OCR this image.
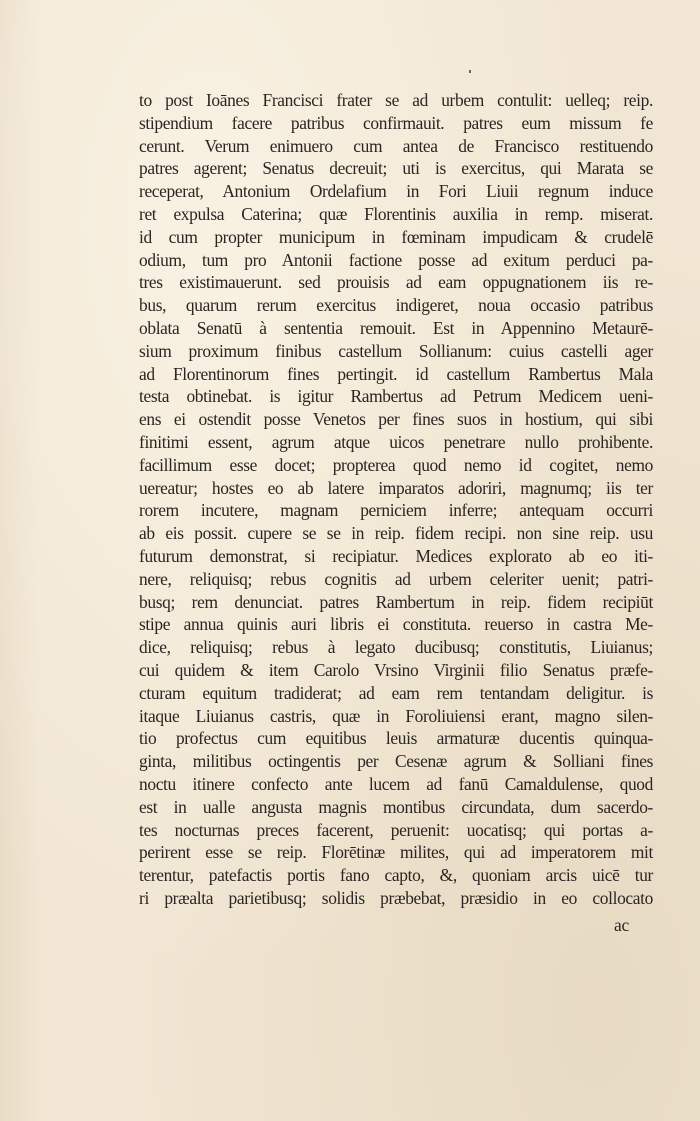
to post Ioānes Francisci frater se ad urbem contulit: uelleq; reip.
stipendium facere patribus confirmauit. patres eum missum fe
cerunt. Verum enimuero cum antea de Francisco restituendo
patres agerent; Senatus decreuit; uti is exercitus, qui Marata se
receperat, Antonium Ordelafium in Fori Liuii regnum induce
ret expulsa Caterina; quæ Florentinis auxilia in remp. miserat.
id cum propter municipum in fœminam impudicam & crudelē
odium, tum pro Antonii factione posse ad exitum perduci pa-
tres existimauerunt. sed prouisis ad eam oppugnationem iis re-
bus, quarum rerum exercitus indigeret, noua occasio patribus
oblata Senatū à sententia remouit. Est in Appennino Metaurē-
sium proximum finibus castellum Sollianum: cuius castelli ager
ad Florentinorum fines pertingit. id castellum Rambertus Mala
testa obtinebat. is igitur Rambertus ad Petrum Medicem ueni-
ens ei ostendit posse Venetos per fines suos in hostium, qui sibi
finitimi essent, agrum atque uicos penetrare nullo prohibente.
facillimum esse docet; propterea quod nemo id cogitet, nemo
uereatur; hostes eo ab latere imparatos adoriri, magnumq; iis ter
rorem incutere, magnam perniciem inferre; antequam occurri
ab eis possit. cupere se se in reip. fidem recipi. non sine reip. usu
futurum demonstrat, si recipiatur. Medices explorato ab eo iti-
nere, reliquisq; rebus cognitis ad urbem celeriter uenit; patri-
busq; rem denunciat. patres Rambertum in reip. fidem recipiūt
stipe annua quinis auri libris ei constituta. reuerso in castra Me-
dice, reliquisq; rebus à legato ducibusq; constitutis, Liuianus;
cui quidem & item Carolo Vrsino Virginii filio Senatus præfe-
cturam equitum tradiderat; ad eam rem tentandam deligitur. is
itaque Liuianus castris, quæ in Foroliuiensi erant, magno silen-
tio profectus cum equitibus leuis armaturæ ducentis quinqua-
ginta, militibus octingentis per Cesenæ agrum & Solliani fines
noctu itinere confecto ante lucem ad fanū Camaldulense, quod
est in ualle angusta magnis montibus circundata, dum sacerdo-
tes nocturnas preces facerent, peruenit: uocatisq; qui portas a-
perirent esse se reip. Florētinæ milites, qui ad imperatorem mit
terentur, patefactis portis fano capto, &, quoniam arcis uicē tur
ri præalta parietibusq; solidis præbebat, præsidio in eo collocato
ac
